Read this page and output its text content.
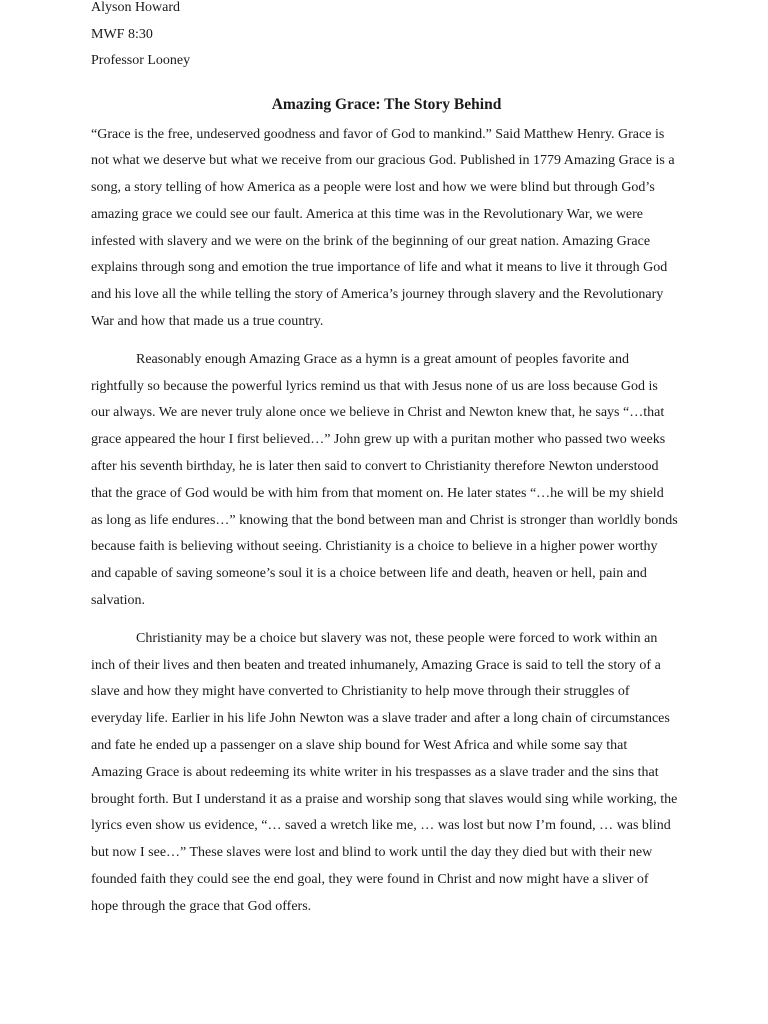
Alyson Howard

MWF 8:30

Professor Looney

Amazing Grace: The Story Behind

“Grace is the free, undeserved goodness and favor of God to mankind.” Said Matthew Henry. Grace is not what we deserve but what we receive from our gracious God. Published in 1779 Amazing Grace is a song, a story telling of how America as a people were lost and how we were blind but through God’s amazing grace we could see our fault. America at this time was in the Revolutionary War, we were infested with slavery and we were on the brink of the beginning of our great nation. Amazing Grace explains through song and emotion the true importance of life and what it means to live it through God and his love all the while telling the story of America’s journey through slavery and the Revolutionary War and how that made us a true country.

Reasonably enough Amazing Grace as a hymn is a great amount of peoples favorite and rightfully so because the powerful lyrics remind us that with Jesus none of us are loss because God is our always. We are never truly alone once we believe in Christ and Newton knew that, he says “…that grace appeared the hour I first believed…” John grew up with a puritan mother who passed two weeks after his seventh birthday, he is later then said to convert to Christianity therefore Newton understood that the grace of God would be with him from that moment on. He later states “…he will be my shield as long as life endures…” knowing that the bond between man and Christ is stronger than worldly bonds because faith is believing without seeing. Christianity is a choice to believe in a higher power worthy and capable of saving someone’s soul it is a choice between life and death, heaven or hell, pain and salvation.

Christianity may be a choice but slavery was not, these people were forced to work within an inch of their lives and then beaten and treated inhumanely, Amazing Grace is said to tell the story of a slave and how they might have converted to Christianity to help move through their struggles of everyday life. Earlier in his life John Newton was a slave trader and after a long chain of circumstances and fate he ended up a passenger on a slave ship bound for West Africa and while some say that Amazing Grace is about redeeming its white writer in his trespasses as a slave trader and the sins that brought forth. But I understand it as a praise and worship song that slaves would sing while working, the lyrics even show us evidence, “… saved a wretch like me, … was lost but now I’m found, … was blind but now I see…” These slaves were lost and blind to work until the day they died but with their new founded faith they could see the end goal, they were found in Christ and now might have a sliver of hope through the grace that God offers.
